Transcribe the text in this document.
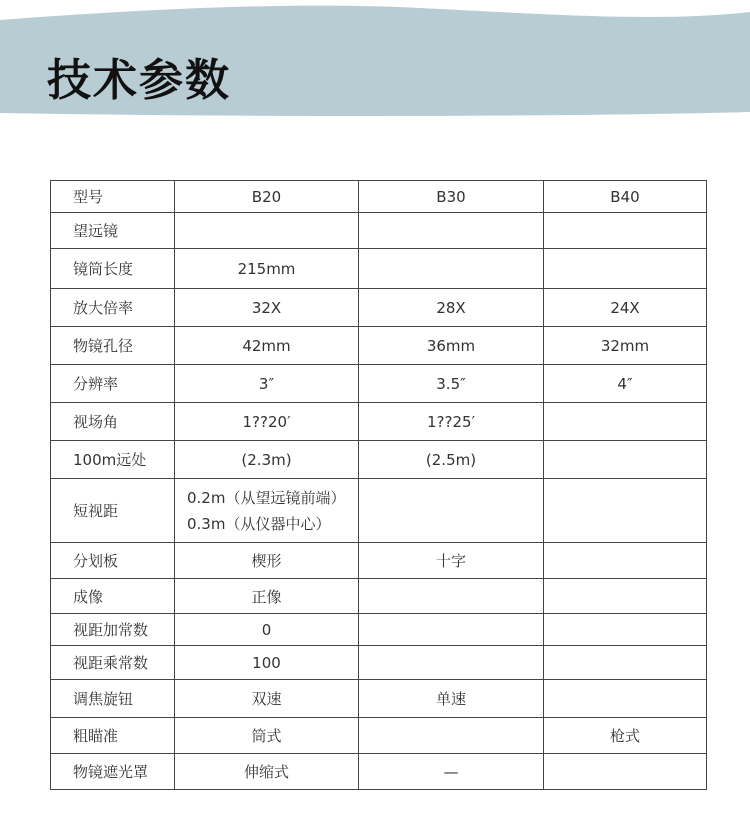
技术参数
型号	B20	B30	B40
望远镜			
镜筒长度	215mm		
放大倍率	32X	28X	24X
物镜孔径	42mm	36mm	32mm
分辨率	3″	3.5″	4″
视场角	1??20′	1??25′	
100m远处	(2.3m)	(2.5m)	
短视距	0.2m（从望远镜前端）
0.3m（从仪器中心）		

分划板	楔形	十字	
成像	正像		
视距加常数	0		
视距乘常数	100		
调焦旋钮	双速	单速	
粗瞄准	筒式		枪式
物镜遮光罩	伸缩式	—	
